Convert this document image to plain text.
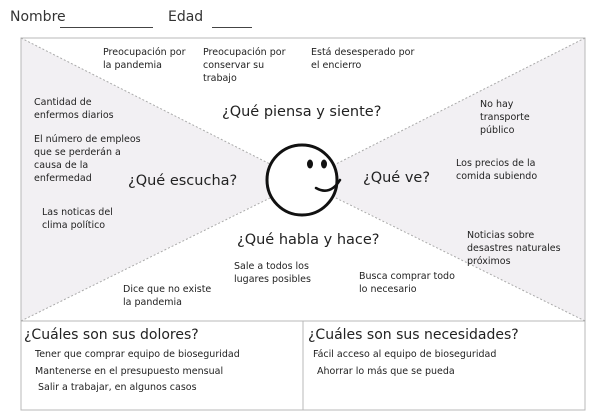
Nombre	Edad
¿Qué piensa y siente?
¿Qué escucha?	¿Qué ve?
¿Qué habla y hace?
Preocupación por la pandemia
Preocupación por conservar su trabajo
Está desesperado por el encierro
Cantidad de enfermos diarios
El número de empleos que se perderán a causa de la enfermedad
Las noticas del clima político
No hay transporte público
Los precios de la comida subiendo
Noticias sobre desastres naturales próximos
Dice que no existe la pandemia
Sale a todos los lugares posibles	Busca comprar todo lo necesario
¿Cuáles son sus dolores?
Tener que comprar equipo de bioseguridad
Mantenerse en el presupuesto mensual
Salir a trabajar, en algunos casos
¿Cuáles son sus necesidades?
Fácil acceso al equipo de bioseguridad
Ahorrar lo más que se pueda
